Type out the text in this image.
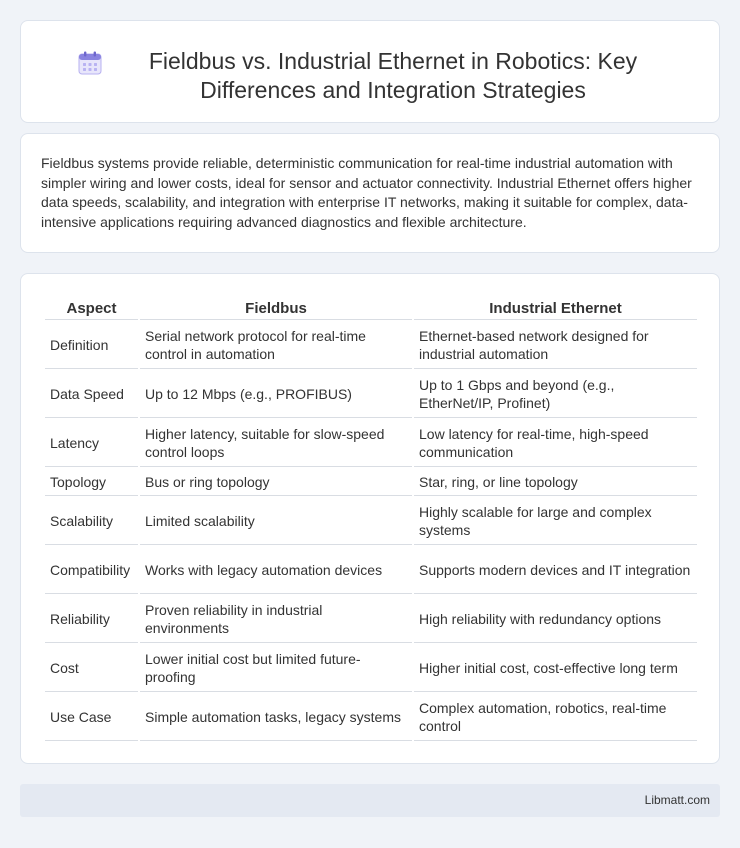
Fieldbus vs. Industrial Ethernet in Robotics: Key Differences and Integration Strategies

Fieldbus systems provide reliable, deterministic communication for real-time industrial automation with simpler wiring and lower costs, ideal for sensor and actuator connectivity. Industrial Ethernet offers higher data speeds, scalability, and integration with enterprise IT networks, making it suitable for complex, data-intensive applications requiring advanced diagnostics and flexible architecture.

Aspect	Fieldbus	Industrial Ethernet
Definition	Serial network protocol for real-time control in automation	Ethernet-based network designed for industrial automation
Data Speed	Up to 12 Mbps (e.g., PROFIBUS)	Up to 1 Gbps and beyond (e.g., EtherNet/IP, Profinet)
Latency	Higher latency, suitable for slow-speed control loops	Low latency for real-time, high-speed communication
Topology	Bus or ring topology	Star, ring, or line topology
Scalability	Limited scalability	Highly scalable for large and complex systems
Compatibility	Works with legacy automation devices	Supports modern devices and IT integration
Reliability	Proven reliability in industrial environments	High reliability with redundancy options
Cost	Lower initial cost but limited future-proofing	Higher initial cost, cost-effective long term
Use Case	Simple automation tasks, legacy systems	Complex automation, robotics, real-time control
Libmatt.com
